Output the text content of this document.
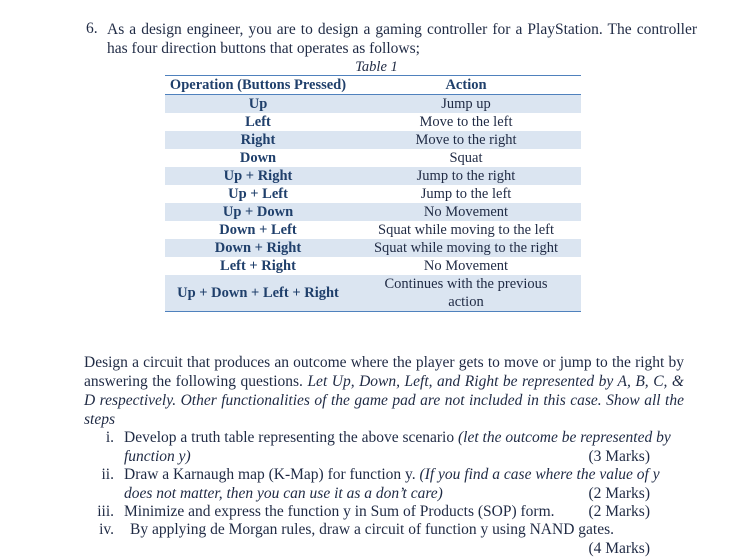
6. As a design engineer, you are to design a gaming controller for a PlayStation. The controller has four direction buttons that operates as follows;
Table 1
Operation (Buttons Pressed)	Action
Up	Jump up
Left	Move to the left
Right	Move to the right
Down	Squat
Up + Right	Jump to the right
Up + Left	Jump to the left
Up + Down	No Movement
Down + Left	Squat while moving to the left
Down + Right	Squat while moving to the right
Left + Right	No Movement
Up + Down + Left + Right	Continues with the previous action
Design a circuit that produces an outcome where the player gets to move or jump to the right by answering the following questions. Let Up, Down, Left, and Right be represented by A, B, C, & D respectively. Other functionalities of the game pad are not included in this case. Show all the steps
i. Develop a truth table representing the above scenario (let the outcome be represented by function y)	(3 Marks)
ii. Draw a Karnaugh map (K-Map) for function y. (If you find a case where the value of y does not matter, then you can use it as a don’t care)	(2 Marks)
iii. Minimize and express the function y in Sum of Products (SOP) form. (2 Marks)
iv. By applying de Morgan rules, draw a circuit of function y using NAND gates.
(4 Marks)
